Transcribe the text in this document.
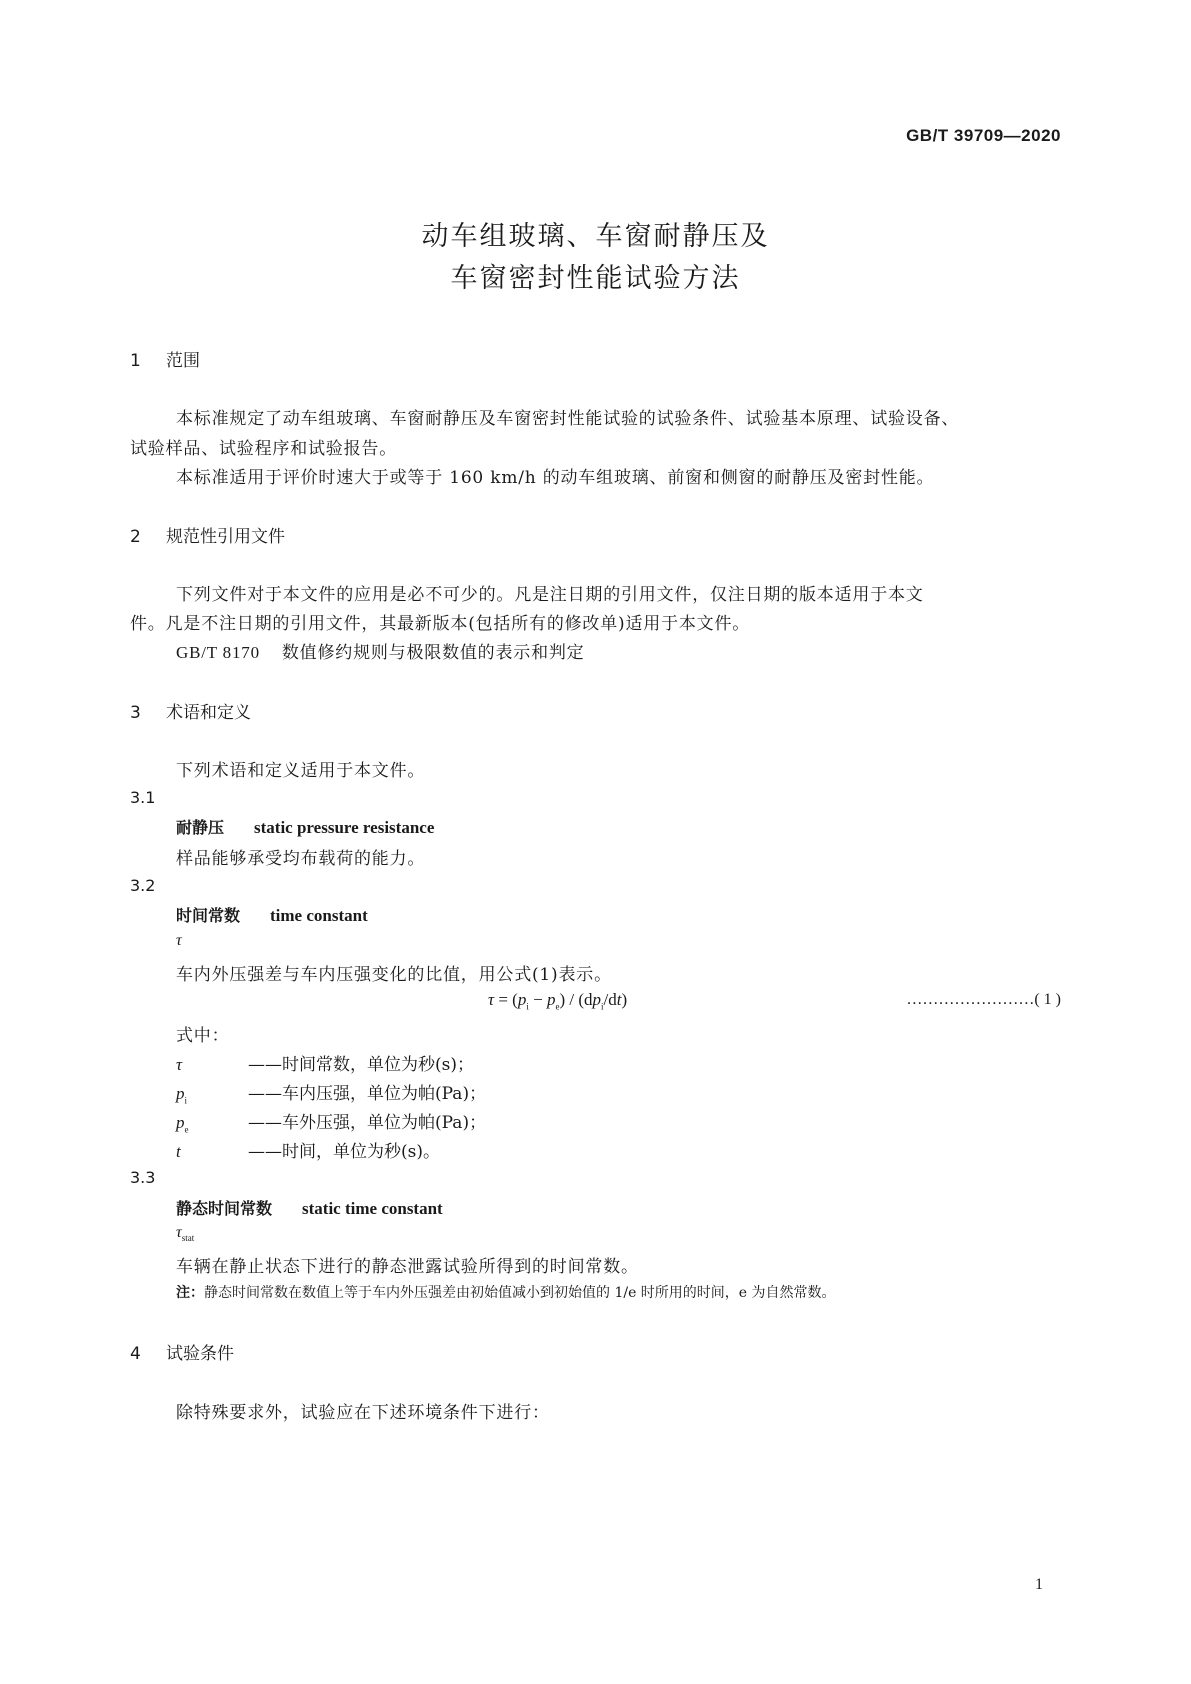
GB/T 39709—2020
动车组玻璃、车窗耐静压及
车窗密封性能试验方法
1 范围
本标准规定了动车组玻璃、车窗耐静压及车窗密封性能试验的试验条件、试验基本原理、试验设备、
试验样品、试验程序和试验报告。
本标准适用于评价时速大于或等于 160 km/h 的动车组玻璃、前窗和侧窗的耐静压及密封性能。
2 规范性引用文件
下列文件对于本文件的应用是必不可少的。凡是注日期的引用文件，仅注日期的版本适用于本文
件。凡是不注日期的引用文件，其最新版本(包括所有的修改单)适用于本文件。
GB/T 8170 数值修约规则与极限数值的表示和判定
3 术语和定义
下列术语和定义适用于本文件。
3.1
耐静压 static pressure resistance
样品能够承受均布载荷的能力。
3.2
时间常数 time constant
τ
车内外压强差与车内压强变化的比值，用公式(1)表示。
$\tau = (p_i - p_e) / (dp_i/dt)$	……………………( 1 )
式中：
τ	——时间常数，单位为秒(s)；
$p_i$	——车内压强，单位为帕(Pa)；
$p_e$	——车外压强，单位为帕(Pa)；
t	——时间，单位为秒(s)。
3.3
静态时间常数 static time constant
$\tau_{stat}$
车辆在静止状态下进行的静态泄露试验所得到的时间常数。
注：静态时间常数在数值上等于车内外压强差由初始值减小到初始值的 1/e 时所用的时间，e 为自然常数。
4 试验条件
除特殊要求外，试验应在下述环境条件下进行：
1
